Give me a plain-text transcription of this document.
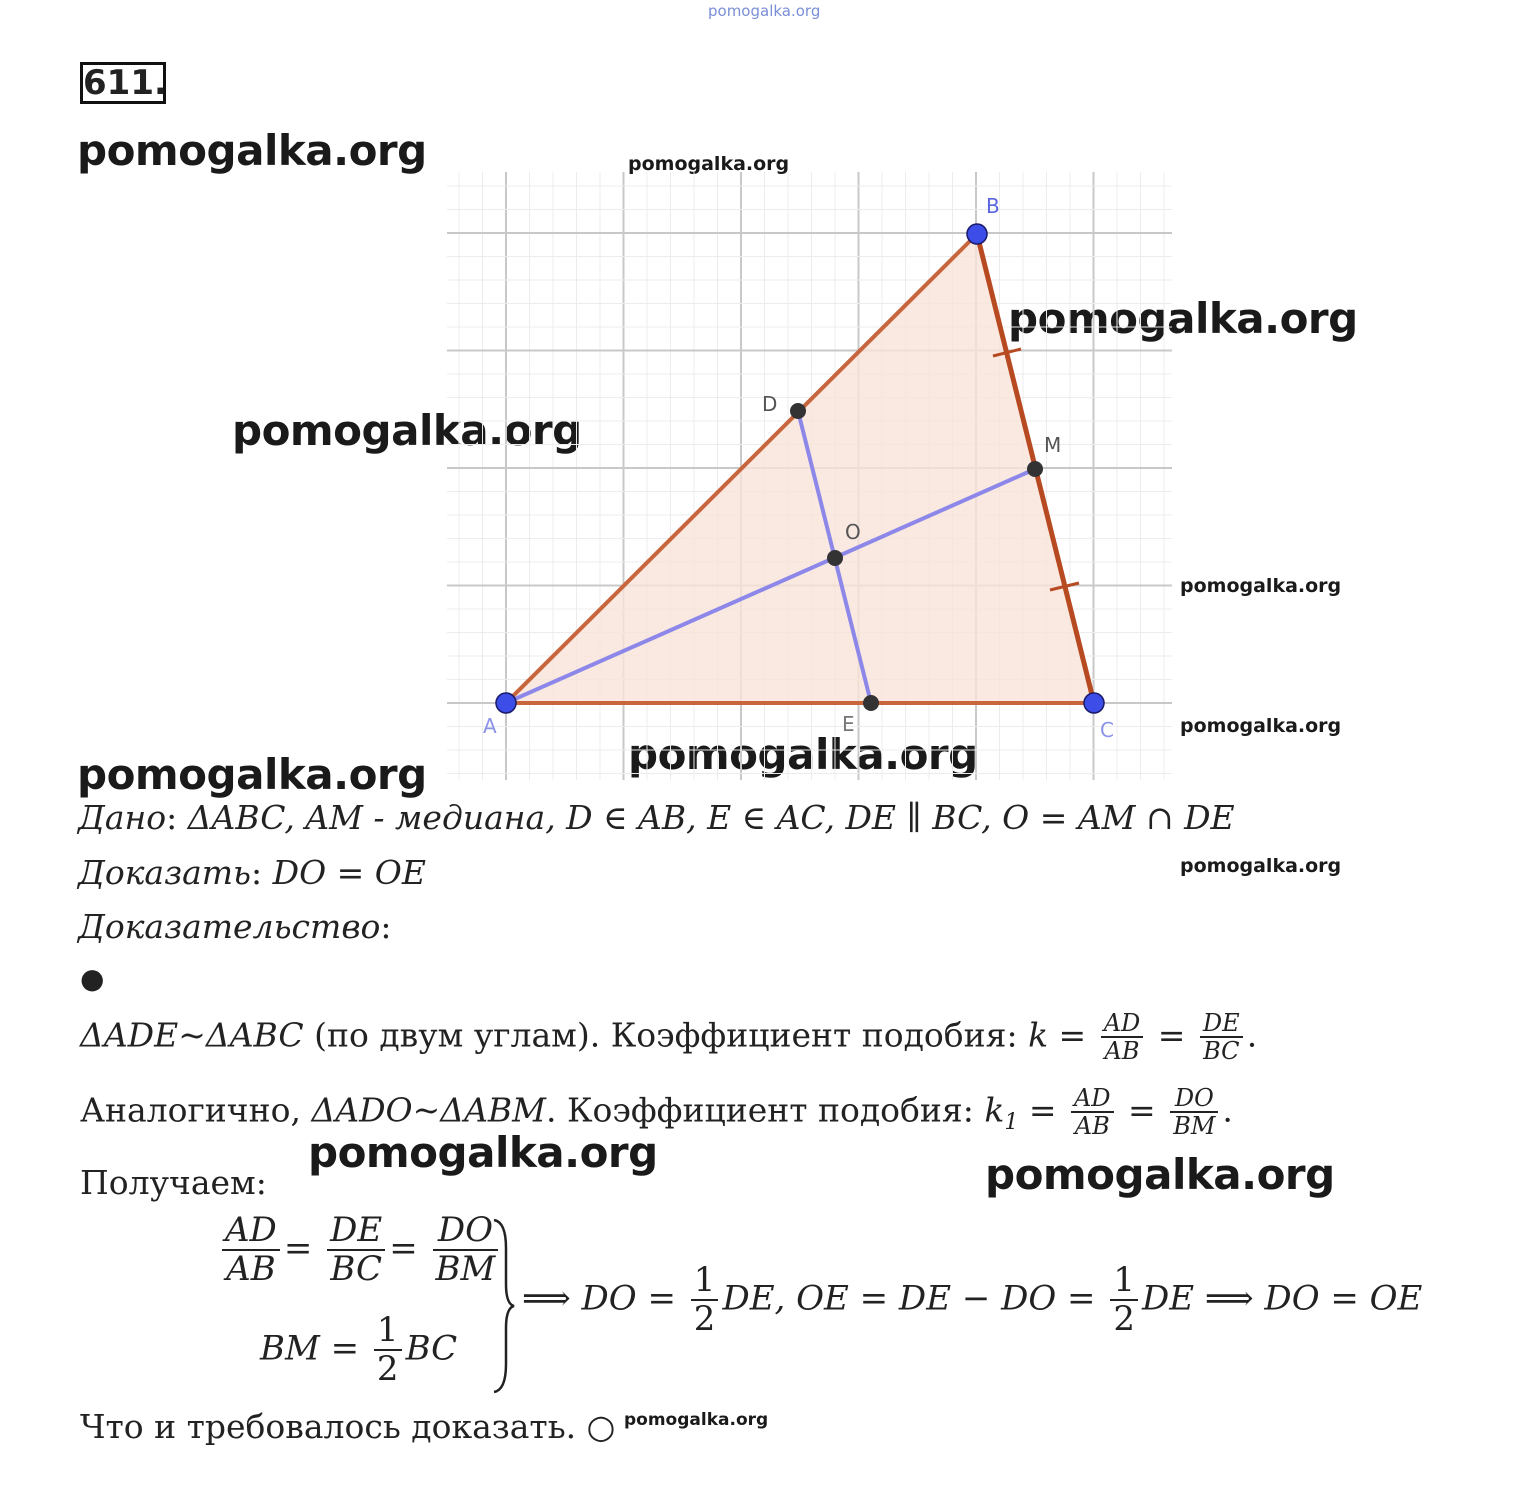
pomogalka.org
pomogalka.org	pomogalka.org
pomogalka.org
pomogalka.org
pomogalka.org
pomogalka.org
pomogalka.org
pomogalka.org
pomogalka.org
pomogalka.org	pomogalka.org
pomogalka.org
611.
A
B
C
D
E
M
O
Дано: ΔABC, AM - медиана, D ∈ AB, E ∈ AC, DE ∥ BC, O = AM ∩ DE
Доказать: DO = OE
Доказательство:
●
ΔADE~ΔABC (по двум углам). Коэффициент подобия: $k = \frac{AD}{AB} = \frac{DE}{BC}$ .
Аналогично, ΔADO~ΔABM. Коэффициент подобия: $k_1 = \frac{AD}{AB} = \frac{DO}{BM}$ .
Получаем:
$\frac{AD}{AB} = \frac{DE}{BC} = \frac{DO}{BM}$
BM = $\frac{1}{2}$ BC
⟹ DO = $\frac{1}{2}$ DE, OE = DE − DO = $\frac{1}{2}$ DE ⟹ DO = OE
Что и требовалось доказать. ○
